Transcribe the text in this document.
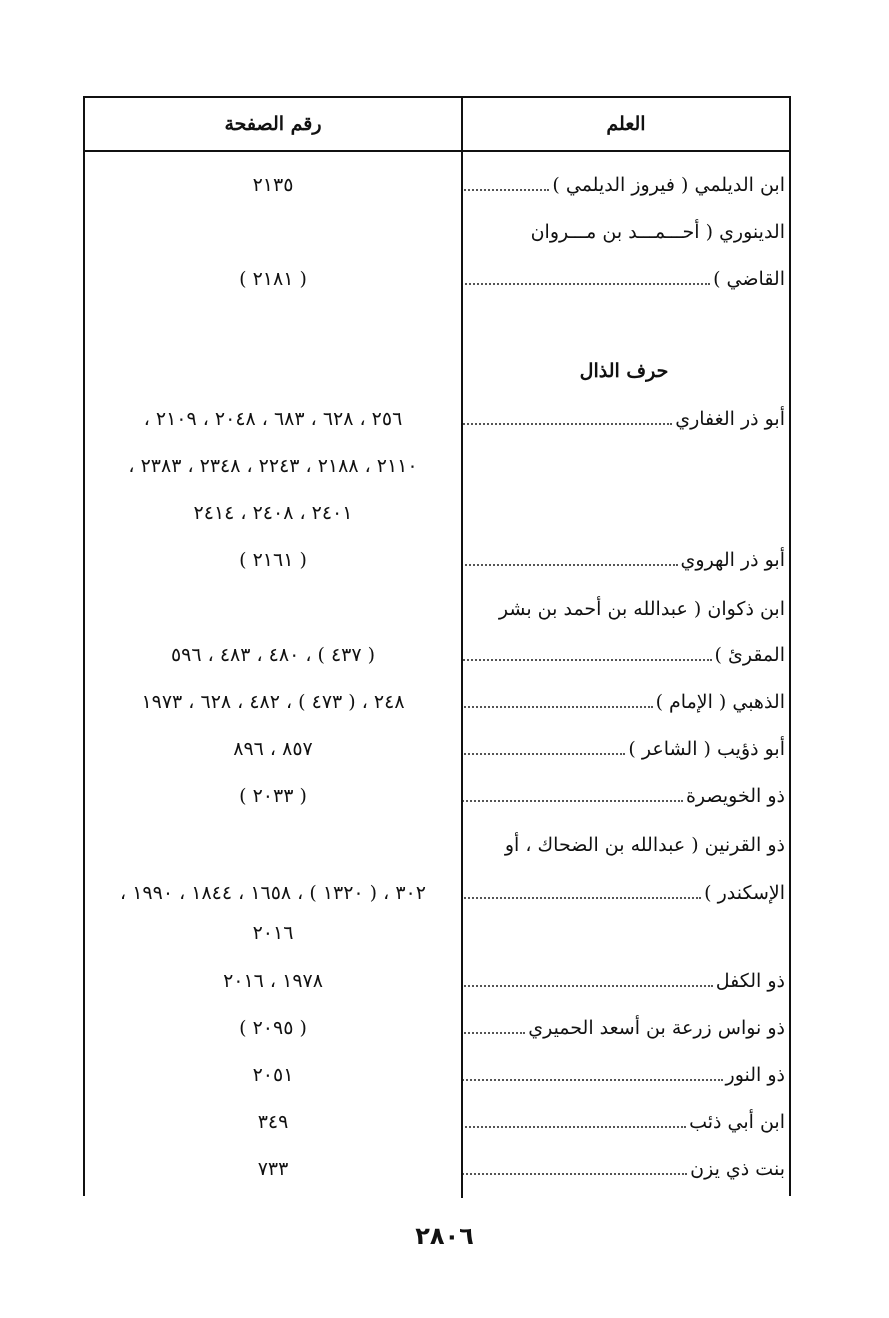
رقم الصفحة	العلم
ابن الديلمي ( فيروز الديلمي )
٢١٣٥
الدينوري ( أحـــمـــد بن مـــروان
القاضي )
( ٢١٨١ )
حرف الذال
أبو ذر الغفاري
٢٥٦ ، ٦٢٨ ، ٦٨٣ ، ٢٠٤٨ ، ٢١٠٩ ،
٢١١٠ ، ٢١٨٨ ، ٢٢٤٣ ، ٢٣٤٨ ، ٢٣٨٣ ،
٢٤٠١ ، ٢٤٠٨ ، ٢٤١٤
أبو ذر الهروي
( ٢١٦١ )
ابن ذكوان ( عبدالله بن أحمد بن بشر
المقرئ )
( ٤٣٧ ) ، ٤٨٠ ، ٤٨٣ ، ٥٩٦
الذهبي ( الإمام )
٢٤٨ ، ( ٤٧٣ ) ، ٤٨٢ ، ٦٢٨ ، ١٩٧٣
أبو ذؤيب ( الشاعر )
٨٥٧ ، ٨٩٦
ذو الخويصرة
( ٢٠٣٣ )
ذو القرنين ( عبدالله بن الضحاك ، أو
الإسكندر )
٣٠٢ ، ( ١٣٢٠ ) ، ١٦٥٨ ، ١٨٤٤ ، ١٩٩٠ ،
٢٠١٦
ذو الكفل
١٩٧٨ ، ٢٠١٦
ذو نواس زرعة بن أسعد الحميري
( ٢٠٩٥ )
ذو النور
٢٠٥١
ابن أبي ذئب
٣٤٩
بنت ذي يزن
٧٣٣
٢٨٠٦
